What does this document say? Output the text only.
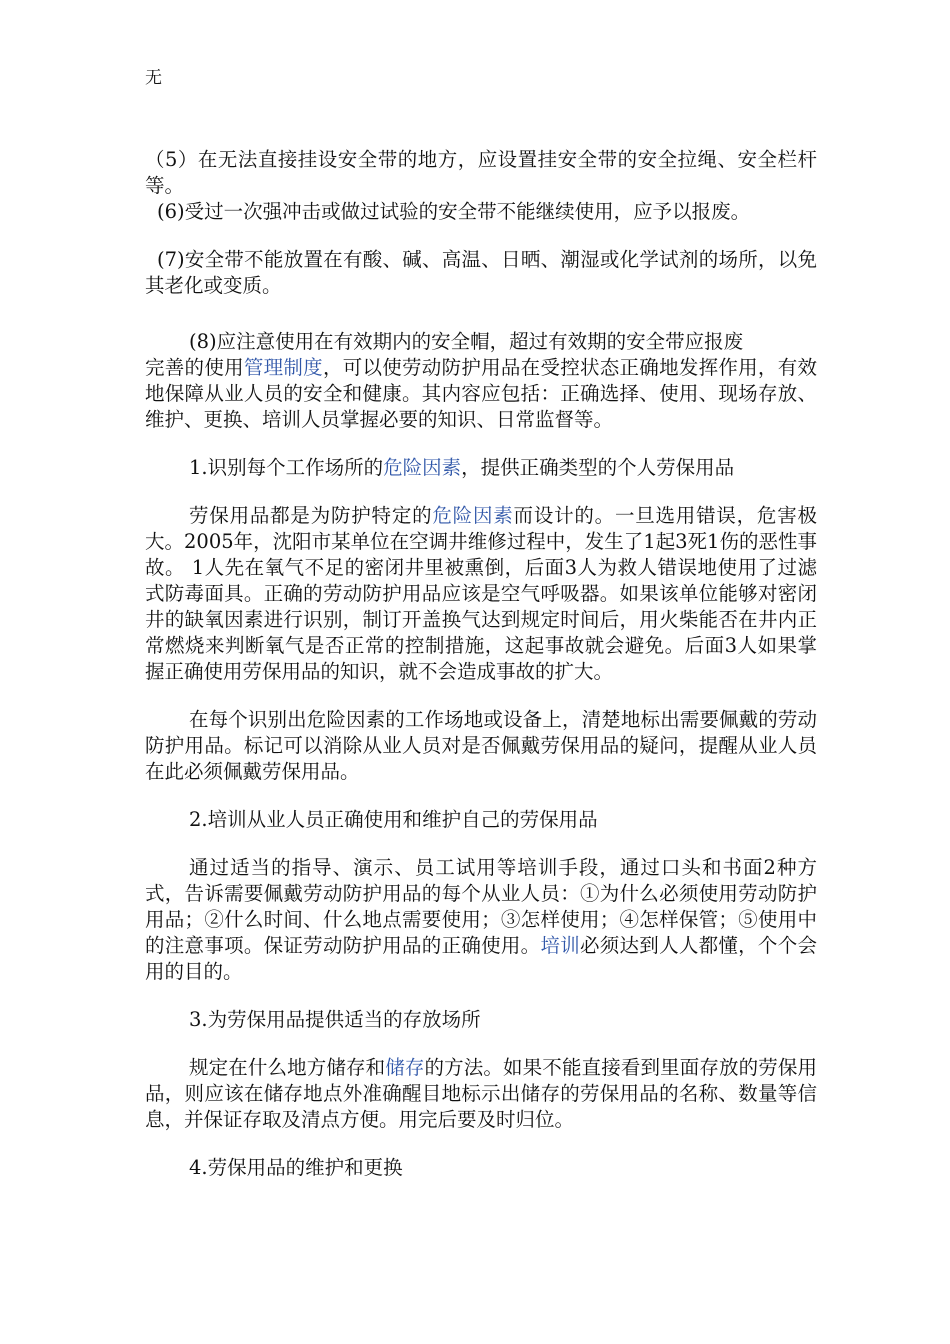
无

（5）在无法直接挂设安全带的地方，应设置挂安全带的安全拉绳、安全栏杆等。

(6)受过一次强冲击或做过试验的安全带不能继续使用，应予以报废。

(7)安全带不能放置在有酸、碱、高温、日晒、潮湿或化学试剂的场所，以免其老化或变质。

(8)应注意使用在有效期内的安全帽，超过有效期的安全带应报废

完善的使用管理制度，可以使劳动防护用品在受控状态正确地发挥作用，有效地保障从业人员的安全和健康。其内容应包括：正确选择、使用、现场存放、维护、更换、培训人员掌握必要的知识、日常监督等。

1.识别每个工作场所的危险因素，提供正确类型的个人劳保用品

劳保用品都是为防护特定的危险因素而设计的。一旦选用错误，危害极大。2005年，沈阳市某单位在空调井维修过程中，发生了1起3死1伤的恶性事故。 1人先在氧气不足的密闭井里被熏倒，后面3人为救人错误地使用了过滤式防毒面具。正确的劳动防护用品应该是空气呼吸器。如果该单位能够对密闭井的缺氧因素进行识别，制订开盖换气达到规定时间后，用火柴能否在井内正常燃烧来判断氧气是否正常的控制措施，这起事故就会避免。后面3人如果掌握正确使用劳保用品的知识，就不会造成事故的扩大。

在每个识别出危险因素的工作场地或设备上，清楚地标出需要佩戴的劳动防护用品。标记可以消除从业人员对是否佩戴劳保用品的疑问，提醒从业人员在此必须佩戴劳保用品。

2.培训从业人员正确使用和维护自己的劳保用品

通过适当的指导、演示、员工试用等培训手段，通过口头和书面2种方式，告诉需要佩戴劳动防护用品的每个从业人员：①为什么必须使用劳动防护用品；②什么时间、什么地点需要使用；③怎样使用；④怎样保管；⑤使用中的注意事项。保证劳动防护用品的正确使用。培训必须达到人人都懂，个个会用的目的。

3.为劳保用品提供适当的存放场所

规定在什么地方储存和储存的方法。如果不能直接看到里面存放的劳保用品，则应该在储存地点外准确醒目地标示出储存的劳保用品的名称、数量等信息，并保证存取及清点方便。用完后要及时归位。

4.劳保用品的维护和更换
